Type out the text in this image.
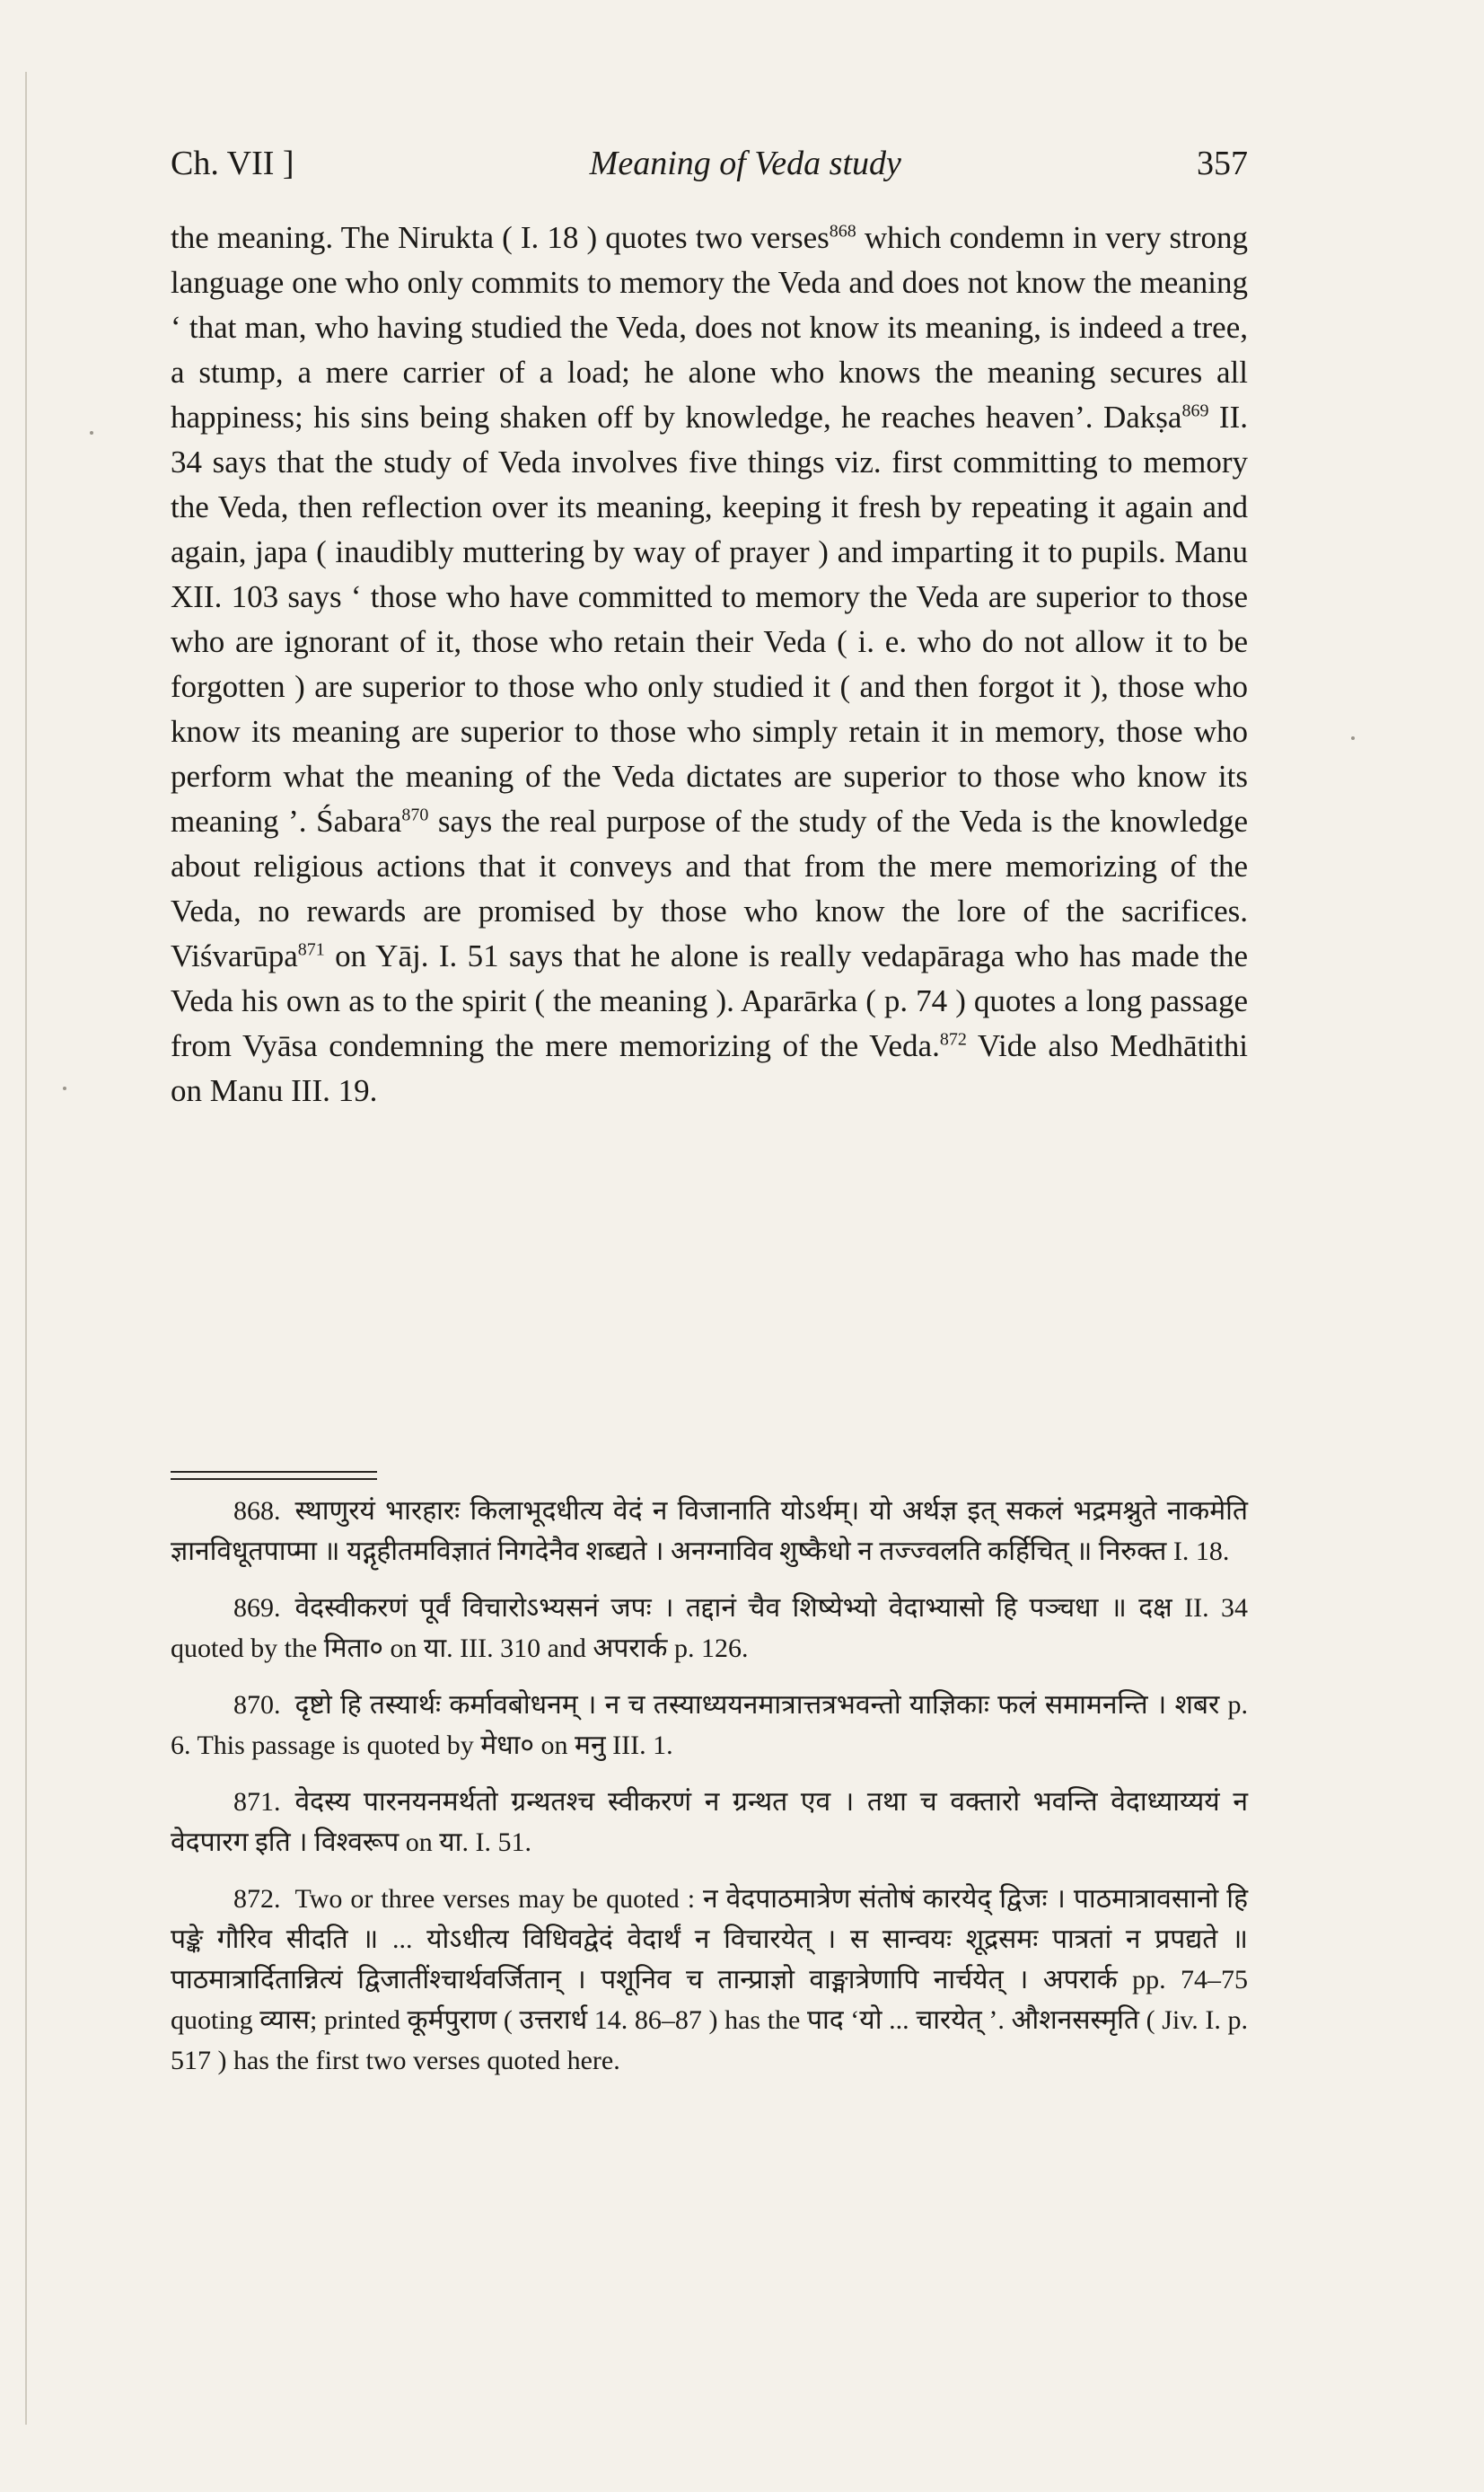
Ch. VII ]	Meaning of Veda study	357

the meaning. The Nirukta ( I. 18 ) quotes two verses$^{868}$ which condemn in very strong language one who only commits to memory the Veda and does not know the meaning ‘ that man, who having studied the Veda, does not know its meaning, is indeed a tree, a stump, a mere carrier of a load; he alone who knows the meaning secures all happiness; his sins being shaken off by knowledge, he reaches heaven’. Dakṣa$^{869}$ II. 34 says that the study of Veda involves five things viz. first committing to memory the Veda, then reflection over its meaning, keeping it fresh by repeating it again and again, japa ( inaudibly muttering by way of prayer ) and imparting it to pupils. Manu XII. 103 says ‘ those who have committed to memory the Veda are superior to those who are ignorant of it, those who retain their Veda ( i. e. who do not allow it to be forgotten ) are superior to those who only studied it ( and then forgot it ), those who know its meaning are superior to those who simply retain it in memory, those who perform what the meaning of the Veda dictates are superior to those who know its meaning ’. Śabara$^{870}$ says the real purpose of the study of the Veda is the knowledge about religious actions that it conveys and that from the mere memorizing of the Veda, no rewards are promised by those who know the lore of the sacrifices. Viśvarūpa$^{871}$ on Yāj. I. 51 says that he alone is really vedapāraga who has made the Veda his own as to the spirit ( the meaning ). Aparārka ( p. 74 ) quotes a long passage from Vyāsa condemning the mere memorizing of the Veda.$^{872}$ Vide also Medhātithi on Manu III. 19.

868. स्थाणुरयं भारहारः किलाभूदधीत्य वेदं न विजानाति योऽर्थम्। यो अर्थज्ञ इत् सकलं भद्रमश्नुते नाकमेति ज्ञानविधूतपाप्मा ॥ यद्गृहीतमविज्ञातं निगदेनैव शब्द्यते । अनग्नाविव शुष्कैधो न तज्ज्वलति कर्हिचित् ॥ निरुक्त I. 18.

869. वेदस्वीकरणं पूर्वं विचारोऽभ्यसनं जपः । तद्दानं चैव शिष्येभ्यो वेदाभ्यासो हि पञ्चधा ॥ दक्ष II. 34 quoted by the मिता० on या. III. 310 and अपरार्क p. 126.

870. दृष्टो हि तस्यार्थः कर्मावबोधनम् । न च तस्याध्ययनमात्रात्तत्रभवन्तो याज्ञिकाः फलं समामनन्ति । शबर p. 6. This passage is quoted by मेधा० on मनु III. 1.

871. वेदस्य पारनयनमर्थतो ग्रन्थतश्च स्वीकरणं न ग्रन्थत एव । तथा च वक्तारो भवन्ति वेदाध्याय्ययं न वेदपारग इति । विश्वरूप on या. I. 51.

872. Two or three verses may be quoted : न वेदपाठमात्रेण संतोषं कारयेद् द्विजः । पाठमात्रावसानो हि पङ्के गौरिव सीदति ॥ ... योऽधीत्य विधिवद्वेदं वेदार्थं न विचारयेत् । स सान्वयः शूद्रसमः पात्रतां न प्रपद्यते ॥ पाठमात्रार्दितान्नित्यं द्विजातींश्चार्थवर्जितान् । पशूनिव च तान्प्राज्ञो वाङ्मात्रेणापि नार्चयेत् । अपरार्क pp. 74–75 quoting व्यास; printed कूर्मपुराण ( उत्तरार्ध 14. 86–87 ) has the पाद ‘यो ... चारयेत् ’. औशनसस्मृति ( Jiv. I. p. 517 ) has the first two verses quoted here.
